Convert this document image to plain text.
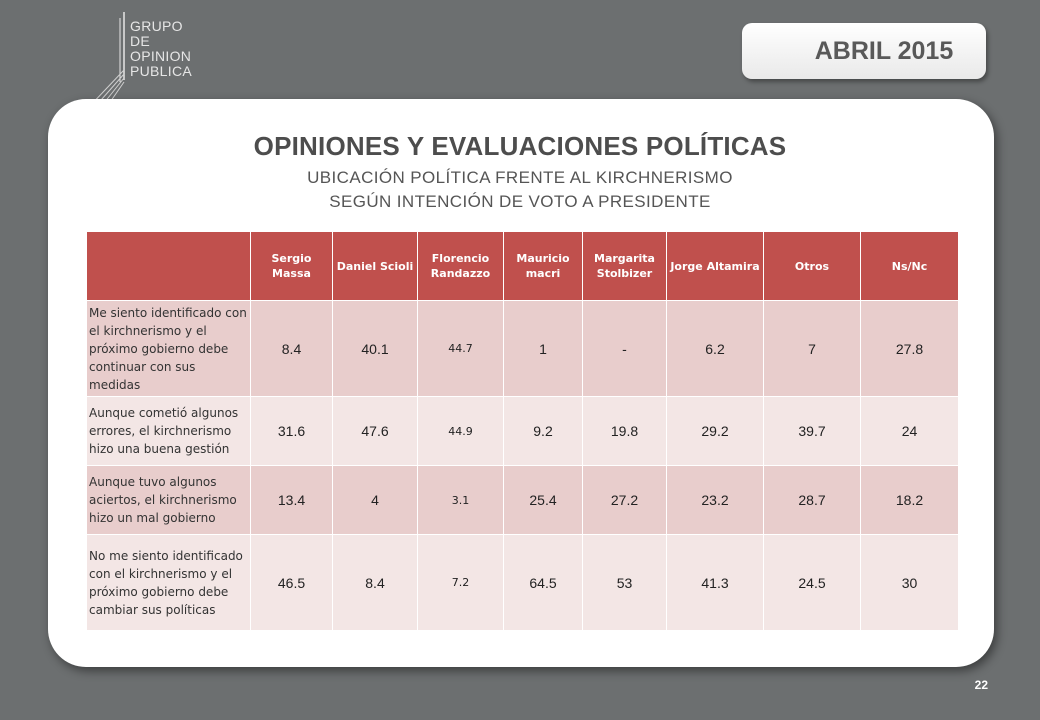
GRUPO
DE
OPINION
PUBLICA
ABRIL 2015
OPINIONES Y EVALUACIONES POLÍTICAS
UBICACIÓN POLÍTICA FRENTE AL KIRCHNERISMO
SEGÚN INTENCIÓN DE VOTO A PRESIDENTE
	Sergio Massa	Daniel Scioli	Florencio Randazzo	Mauricio macri	Margarita Stolbizer	Jorge Altamira	Otros	Ns/Nc
Me siento identificado con el kirchnerismo y el próximo gobierno debe continuar con sus medidas	8.4	40.1	44.7	1	-	6.2	7	27.8
Aunque cometió algunos errores, el kirchnerismo hizo una buena gestión	31.6	47.6	44.9	9.2	19.8	29.2	39.7	24
Aunque tuvo algunos aciertos, el kirchnerismo hizo un mal gobierno	13.4	4	3.1	25.4	27.2	23.2	28.7	18.2
No me siento identificado con el kirchnerismo y el próximo gobierno debe cambiar sus políticas	46.5	8.4	7.2	64.5	53	41.3	24.5	30
22
